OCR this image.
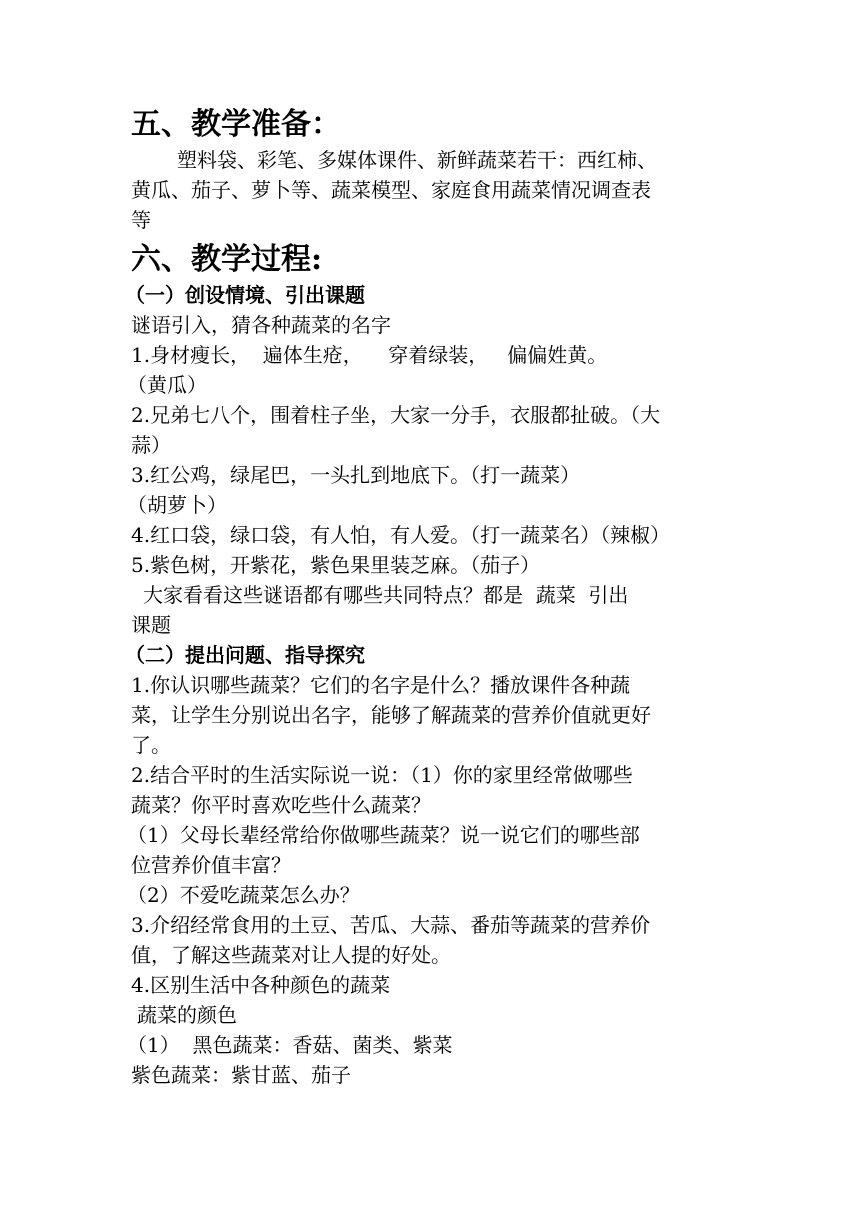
五、教学准备：
塑料袋、彩笔、多媒体课件、新鲜蔬菜若干：西红柿、
黄瓜、茄子、萝卜等、蔬菜模型、家庭食用蔬菜情况调查表
等
六、教学过程:
（一）创设情境、引出课题
谜语引入，猜各种蔬菜的名字
1.身材瘦长，  遍体生疮，    穿着绿装，   偏偏姓黄。
（黄瓜）
2.兄弟七八个，围着柱子坐，大家一分手，衣服都扯破。（大
蒜）
3.红公鸡，绿尾巴，一头扎到地底下。（打一蔬菜）
（胡萝卜）
4.红口袋，绿口袋，有人怕，有人爱。（打一蔬菜名）（辣椒）
5.紫色树，开紫花，紫色果里装芝麻。（茄子）
大家看看这些谜语都有哪些共同特点？都是  蔬菜  引出
课题
（二）提出问题、指导探究
1.你认识哪些蔬菜？它们的名字是什么？播放课件各种蔬
菜，让学生分别说出名字，能够了解蔬菜的营养价值就更好
了。
2.结合平时的生活实际说一说：（1）你的家里经常做哪些
蔬菜？你平时喜欢吃些什么蔬菜？
（1）父母长辈经常给你做哪些蔬菜？说一说它们的哪些部
位营养价值丰富？
（2）不爱吃蔬菜怎么办？
3.介绍经常食用的土豆、苦瓜、大蒜、番茄等蔬菜的营养价
值，了解这些蔬菜对让人提的好处。
4.区别生活中各种颜色的蔬菜
蔬菜的颜色
（1）  黑色蔬菜：香菇、菌类、紫菜
紫色蔬菜：紫甘蓝、茄子
